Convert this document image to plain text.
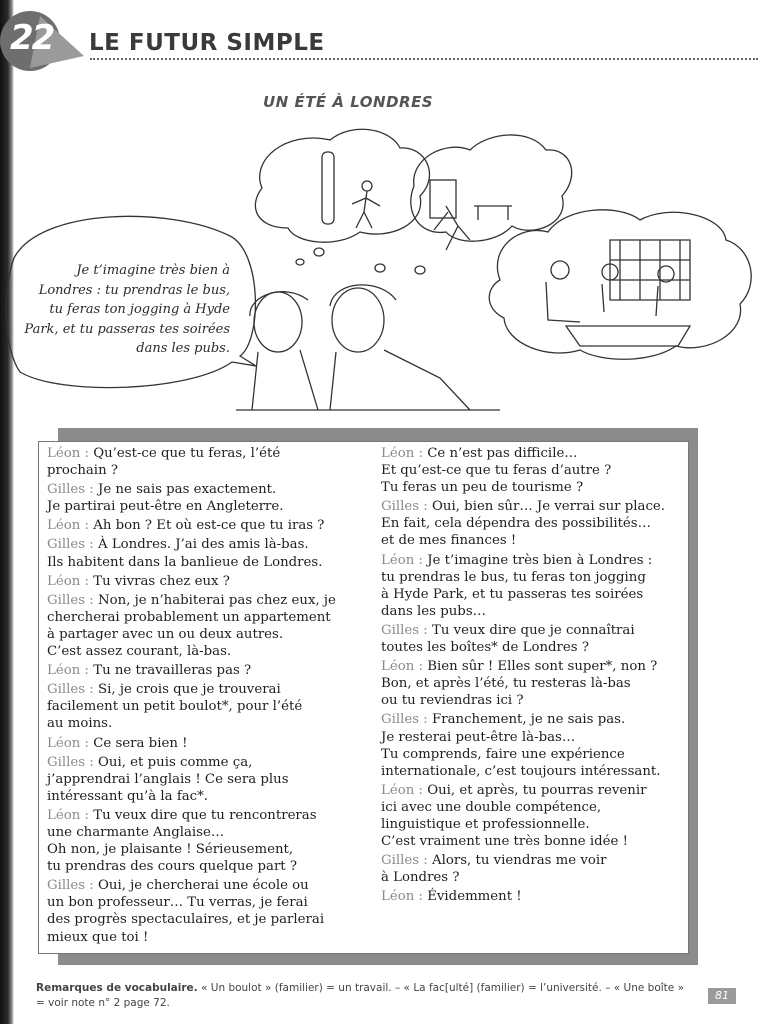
22 LE FUTUR SIMPLE
UN ÉTÉ À LONDRES
Je t’imagine très bien à Londres : tu prendras le bus, tu feras ton jogging à Hyde Park, et tu passeras tes soirées dans les pubs.
Léon : Qu’est-ce que tu feras, l’été
prochain ?
Gilles : Je ne sais pas exactement.
Je partirai peut-être en Angleterre.
Léon : Ah bon ? Et où est-ce que tu iras ?
Gilles : À Londres. J’ai des amis là-bas.
Ils habitent dans la banlieue de Londres.
Léon : Tu vivras chez eux ?
Gilles : Non, je n’habiterai pas chez eux, je
chercherai probablement un appartement
à partager avec un ou deux autres.
C’est assez courant, là-bas.
Léon : Tu ne travailleras pas ?
Gilles : Si, je crois que je trouverai
facilement un petit boulot*, pour l’été
au moins.
Léon : Ce sera bien !
Gilles : Oui, et puis comme ça,
j’apprendrai l’anglais ! Ce sera plus
intéressant qu’à la fac*.
Léon : Tu veux dire que tu rencontreras
une charmante Anglaise…
Oh non, je plaisante ! Sérieusement,
tu prendras des cours quelque part ?
Gilles : Oui, je chercherai une école ou
un bon professeur… Tu verras, je ferai
des progrès spectaculaires, et je parlerai
mieux que toi !
Léon : Ce n’est pas difficile…
Et qu’est-ce que tu feras d’autre ?
Tu feras un peu de tourisme ?
Gilles : Oui, bien sûr… Je verrai sur place.
En fait, cela dépendra des possibilités…
et de mes finances !
Léon : Je t’imagine très bien à Londres :
tu prendras le bus, tu feras ton jogging
à Hyde Park, et tu passeras tes soirées
dans les pubs…
Gilles : Tu veux dire que je connaîtrai
toutes les boîtes* de Londres ?
Léon : Bien sûr ! Elles sont super*, non ?
Bon, et après l’été, tu resteras là-bas
ou tu reviendras ici ?
Gilles : Franchement, je ne sais pas.
Je resterai peut-être là-bas…
Tu comprends, faire une expérience
internationale, c’est toujours intéressant.
Léon : Oui, et après, tu pourras revenir
ici avec une double compétence,
linguistique et professionnelle.
C’est vraiment une très bonne idée !
Gilles : Alors, tu viendras me voir
à Londres ?
Léon : Évidemment !
Remarques de vocabulaire. « Un boulot » (familier) = un travail. – « La fac[ulté] (familier) = l’université. – « Une boîte » = voir note n° 2 page 72.
81
